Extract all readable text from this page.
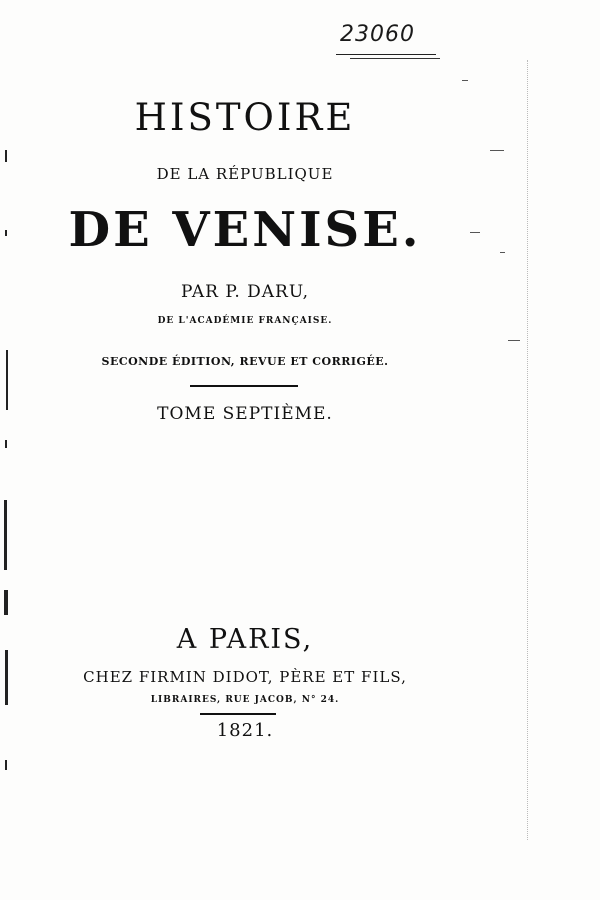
23060
HISTOIRE
DE LA RÉPUBLIQUE
DE VENISE.
PAR P. DARU,
DE L'ACADÉMIE FRANÇAISE.
SECONDE ÉDITION, REVUE ET CORRIGÉE.
TOME SEPTIÈME.
A PARIS,
CHEZ FIRMIN DIDOT, PÈRE ET FILS,
LIBRAIRES, RUE JACOB, N° 24.
1821.
